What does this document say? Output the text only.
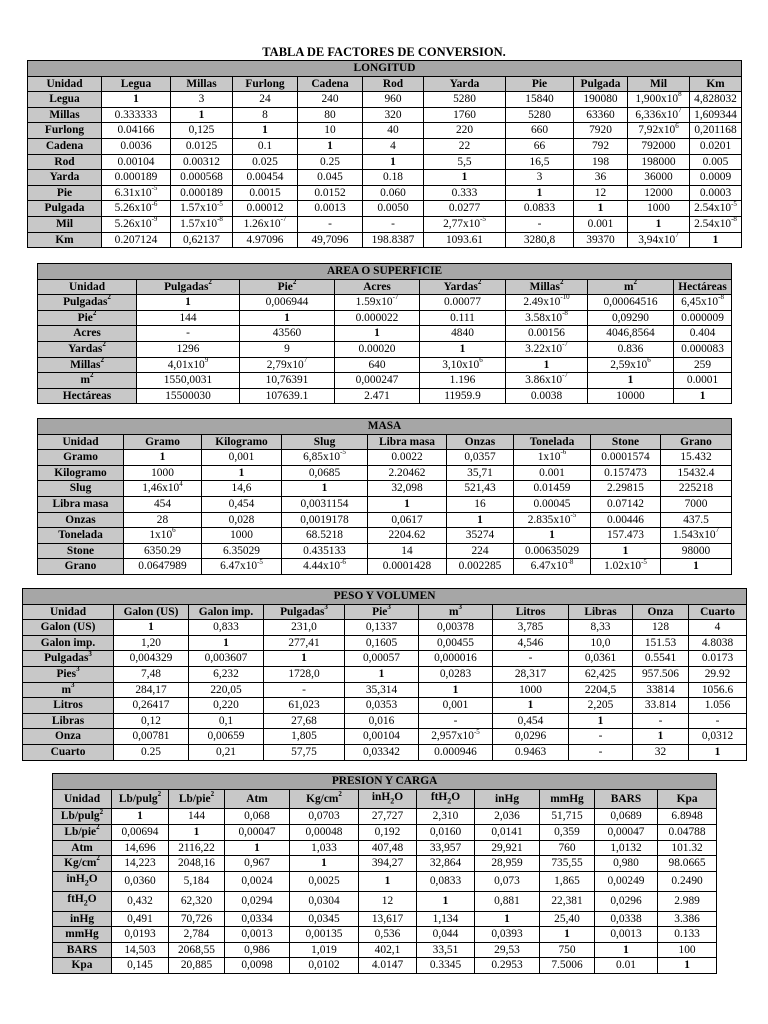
TABLA DE FACTORES DE CONVERSION.
LONGITUD										
Unidad	Legua	Millas	Furlong	Cadena	Rod	Yarda	Pie	Pulgada	Mil	Km
Legua	1	3	24	240	960	5280	15840	190080	$1,900x10^8$	4,828032
Millas	0.333333	1	8	80	320	1760	5280	63360	$6,336x10^7$	1,609344
Furlong	0.04166	0,125	1	10	40	220	660	7920	$7,92x10^6$	0,201168
Cadena	0.0036	0.0125	0.1	1	4	22	66	792	792000	0.0201
Rod	0.00104	0.00312	0.025	0.25	1	5,5	16,5	198	198000	0.005
Yarda	0.000189	0.000568	0.00454	0.045	0.18	1	3	36	36000	0.0009
Pie	$6.31x10^{-5}$	0.000189	0.0015	0.0152	0.060	0.333	1	12	12000	0.0003
Pulgada	$5.26x10^{-6}$	$1.57x10^{-5}$	0.00012	0.0013	0.0050	0.0277	0.0833	1	1000	$2.54x10^{-5}$
Mil	$5.26x10^{-9}$	$1.57x10^{-8}$	$1.26x10^{-7}$	-	-	$2,77x10^{-5}$	-	0.001	1	$2.54x10^{-8}$
Km	0.207124	0,62137	4.97096	49,7096	198.8387	1093.61	3280,8	39370	$3,94x10^7$	1
AREA O SUPERFICIE							
Unidad	Pulgadas$^2$	Pie$^2$	Acres	Yardas$^2$	Millas$^2$	$m^2$	Hectáreas
Pulgadas$^2$	1	0,006944	$1.59x10^{-7}$	0.00077	$2.49x10^{-10}$	0,00064516	$6,45x10^{-8}$
Pie$^2$	144	1	0.000022	0.111	$3.58x10^{-8}$	0,09290	0.000009
Acres	-	43560	1	4840	0.00156	4046,8564	0.404
Yardas$^2$	1296	9	0.00020	1	$3.22x10^{-7}$	0.836	0.000083
Millas$^2$	$4,01x10^9$	$2,79x10^7$	640	$3,10x10^6$	1	$2,59x10^6$	259
$m^2$	1550,0031	10,76391	0,000247	1.196	$3.86x10^{-7}$	1	0.0001
Hectáreas	15500030	107639.1	2.471	11959.9	0.0038	10000	1
MASA								
Unidad	Gramo	Kilogramo	Slug	Libra masa	Onzas	Tonelada	Stone	Grano
Gramo	1	0,001	$6,85x10^{-5}$	0.0022	0,0357	$1x10^{-6}$	0.0001574	15.432
Kilogramo	1000	1	0,0685	2.20462	35,71	0.001	0.157473	15432.4
Slug	$1,46x10^4$	14,6	1	32,098	521,43	0.01459	2.29815	225218
Libra masa	454	0,454	0,0031154	1	16	0.00045	0.07142	7000
Onzas	28	0,028	0,0019178	0,0617	1	$2.835x10^{-5}$	0.00446	437.5
Tonelada	$1x10^6$	1000	68.5218	2204.62	35274	1	157.473	$1.543x10^7$
Stone	6350.29	6.35029	0.435133	14	224	0.00635029	1	98000
Grano	0.0647989	$6.47x10^{-5}$	$4.44x10^{-6}$	0.0001428	0.002285	$6.47x10^{-8}$	$1.02x10^{-5}$	1
PESO Y VOLUMEN									
Unidad	Galon (US)	Galon imp.	Pulgadas$^3$	Pie$^3$	$m^3$	Litros	Libras	Onza	Cuarto
Galon (US)	1	0,833	231,0	0,1337	0,00378	3,785	8,33	128	4
Galon imp.	1,20	1	277,41	0,1605	0,00455	4,546	10,0	151.53	4.8038
Pulgadas$^3$	0,004329	0,003607	1	0,00057	0,000016	-	0,0361	0.5541	0.0173
Pies$^3$	7,48	6,232	1728,0	1	0,0283	28,317	62,425	957.506	29.92
$m^3$	284,17	220,05	-	35,314	1	1000	2204,5	33814	1056.6
Litros	0,26417	0,220	61,023	0,0353	0,001	1	2,205	33.814	1.056
Libras	0,12	0,1	27,68	0,016	-	0,454	1	-	-
Onza	0,00781	0,00659	1,805	0,00104	$2,957x10^{-5}$	0,0296	-	1	0,0312
Cuarto	0.25	0,21	57,75	0,03342	0.000946	0.9463	-	32	1
PRESION Y CARGA										
Unidad	Lb/pulg$^2$	Lb/pie$^2$	Atm	$Kg/cm^2$	inH$_2$O	ftH$_2$O	inHg	mmHg	BARS	Kpa
Lb/pulg$^2$	1	144	0,068	0,0703	27,727	2,310	2,036	51,715	0,0689	6.8948
Lb/pie$^2$	0,00694	1	0,00047	0,00048	0,192	0,0160	0,0141	0,359	0,00047	0.04788
Atm	14,696	2116,22	1	1,033	407,48	33,957	29,921	760	1,0132	101.32
$Kg/cm^2$	14,223	2048,16	0,967	1	394,27	32,864	28,959	735,55	0,980	98.0665
inH$_2$O	0,0360	5,184	0,0024	0,0025	1	0,0833	0,073	1,865	0,00249	0.2490
ftH$_2$O	0,432	62,320	0,0294	0,0304	12	1	0,881	22,381	0,0296	2.989
inHg	0,491	70,726	0,0334	0,0345	13,617	1,134	1	25,40	0,0338	3.386
mmHg	0,0193	2,784	0,0013	0,00135	0,536	0,044	0,0393	1	0,0013	0.133
BARS	14,503	2068,55	0,986	1,019	402,1	33,51	29,53	750	1	100
Kpa	0,145	20,885	0,0098	0,0102	4.0147	0.3345	0.2953	7.5006	0.01	1
